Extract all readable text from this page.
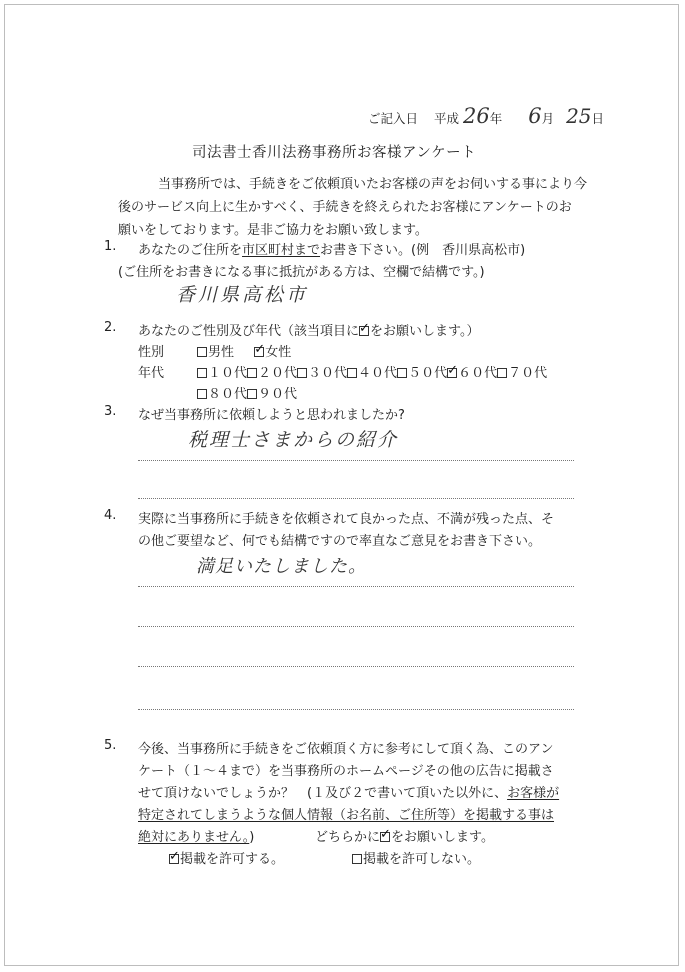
ご記入日 平成 26年 6月 25日
司法書士香川法務事務所お客様アンケート
当事務所では、手続きをご依頼頂いたお客様の声をお伺いする事により今
後のサービス向上に生かすべく、手続きを終えられたお客様にアンケートのお
願いをしております。是非ご協力をお願い致します。
1. あなたのご住所を市区町村までお書き下さい。(例　香川県高松市)
(ご住所をお書きになる事に抵抗がある方は、空欄で結構です。)
香川県高松市
2. あなたのご性別及び年代（該当項目に ✓ をお願いします。）
性別	男性 ✓ 女性
年代	１０代 ２０代 ３０代 ４０代 ５０代 ✓ ６０代 ７０代
８０代 ９０代
3. なぜ当事務所に依頼しようと思われましたか?
税理士さまからの紹介
4. 実際に当事務所に手続きを依頼されて良かった点、不満が残った点、そ
の他ご要望など、何でも結構ですので率直なご意見をお書き下さい。
満足いたしました。
5. 今後、当事務所に手続きをご依頼頂く方に参考にして頂く為、このアン
ケート（１～４まで）を当事務所のホームページその他の広告に掲載さ
せて頂けないでしょうか？　(１及び２で書いて頂いた以外に、お客様が
特定されてしまうような個人情報（お名前、ご住所等）を掲載する事は
絶対にありません。)	どちらかに ✓ をお願いします。
✓掲載を許可する。	掲載を許可しない。
